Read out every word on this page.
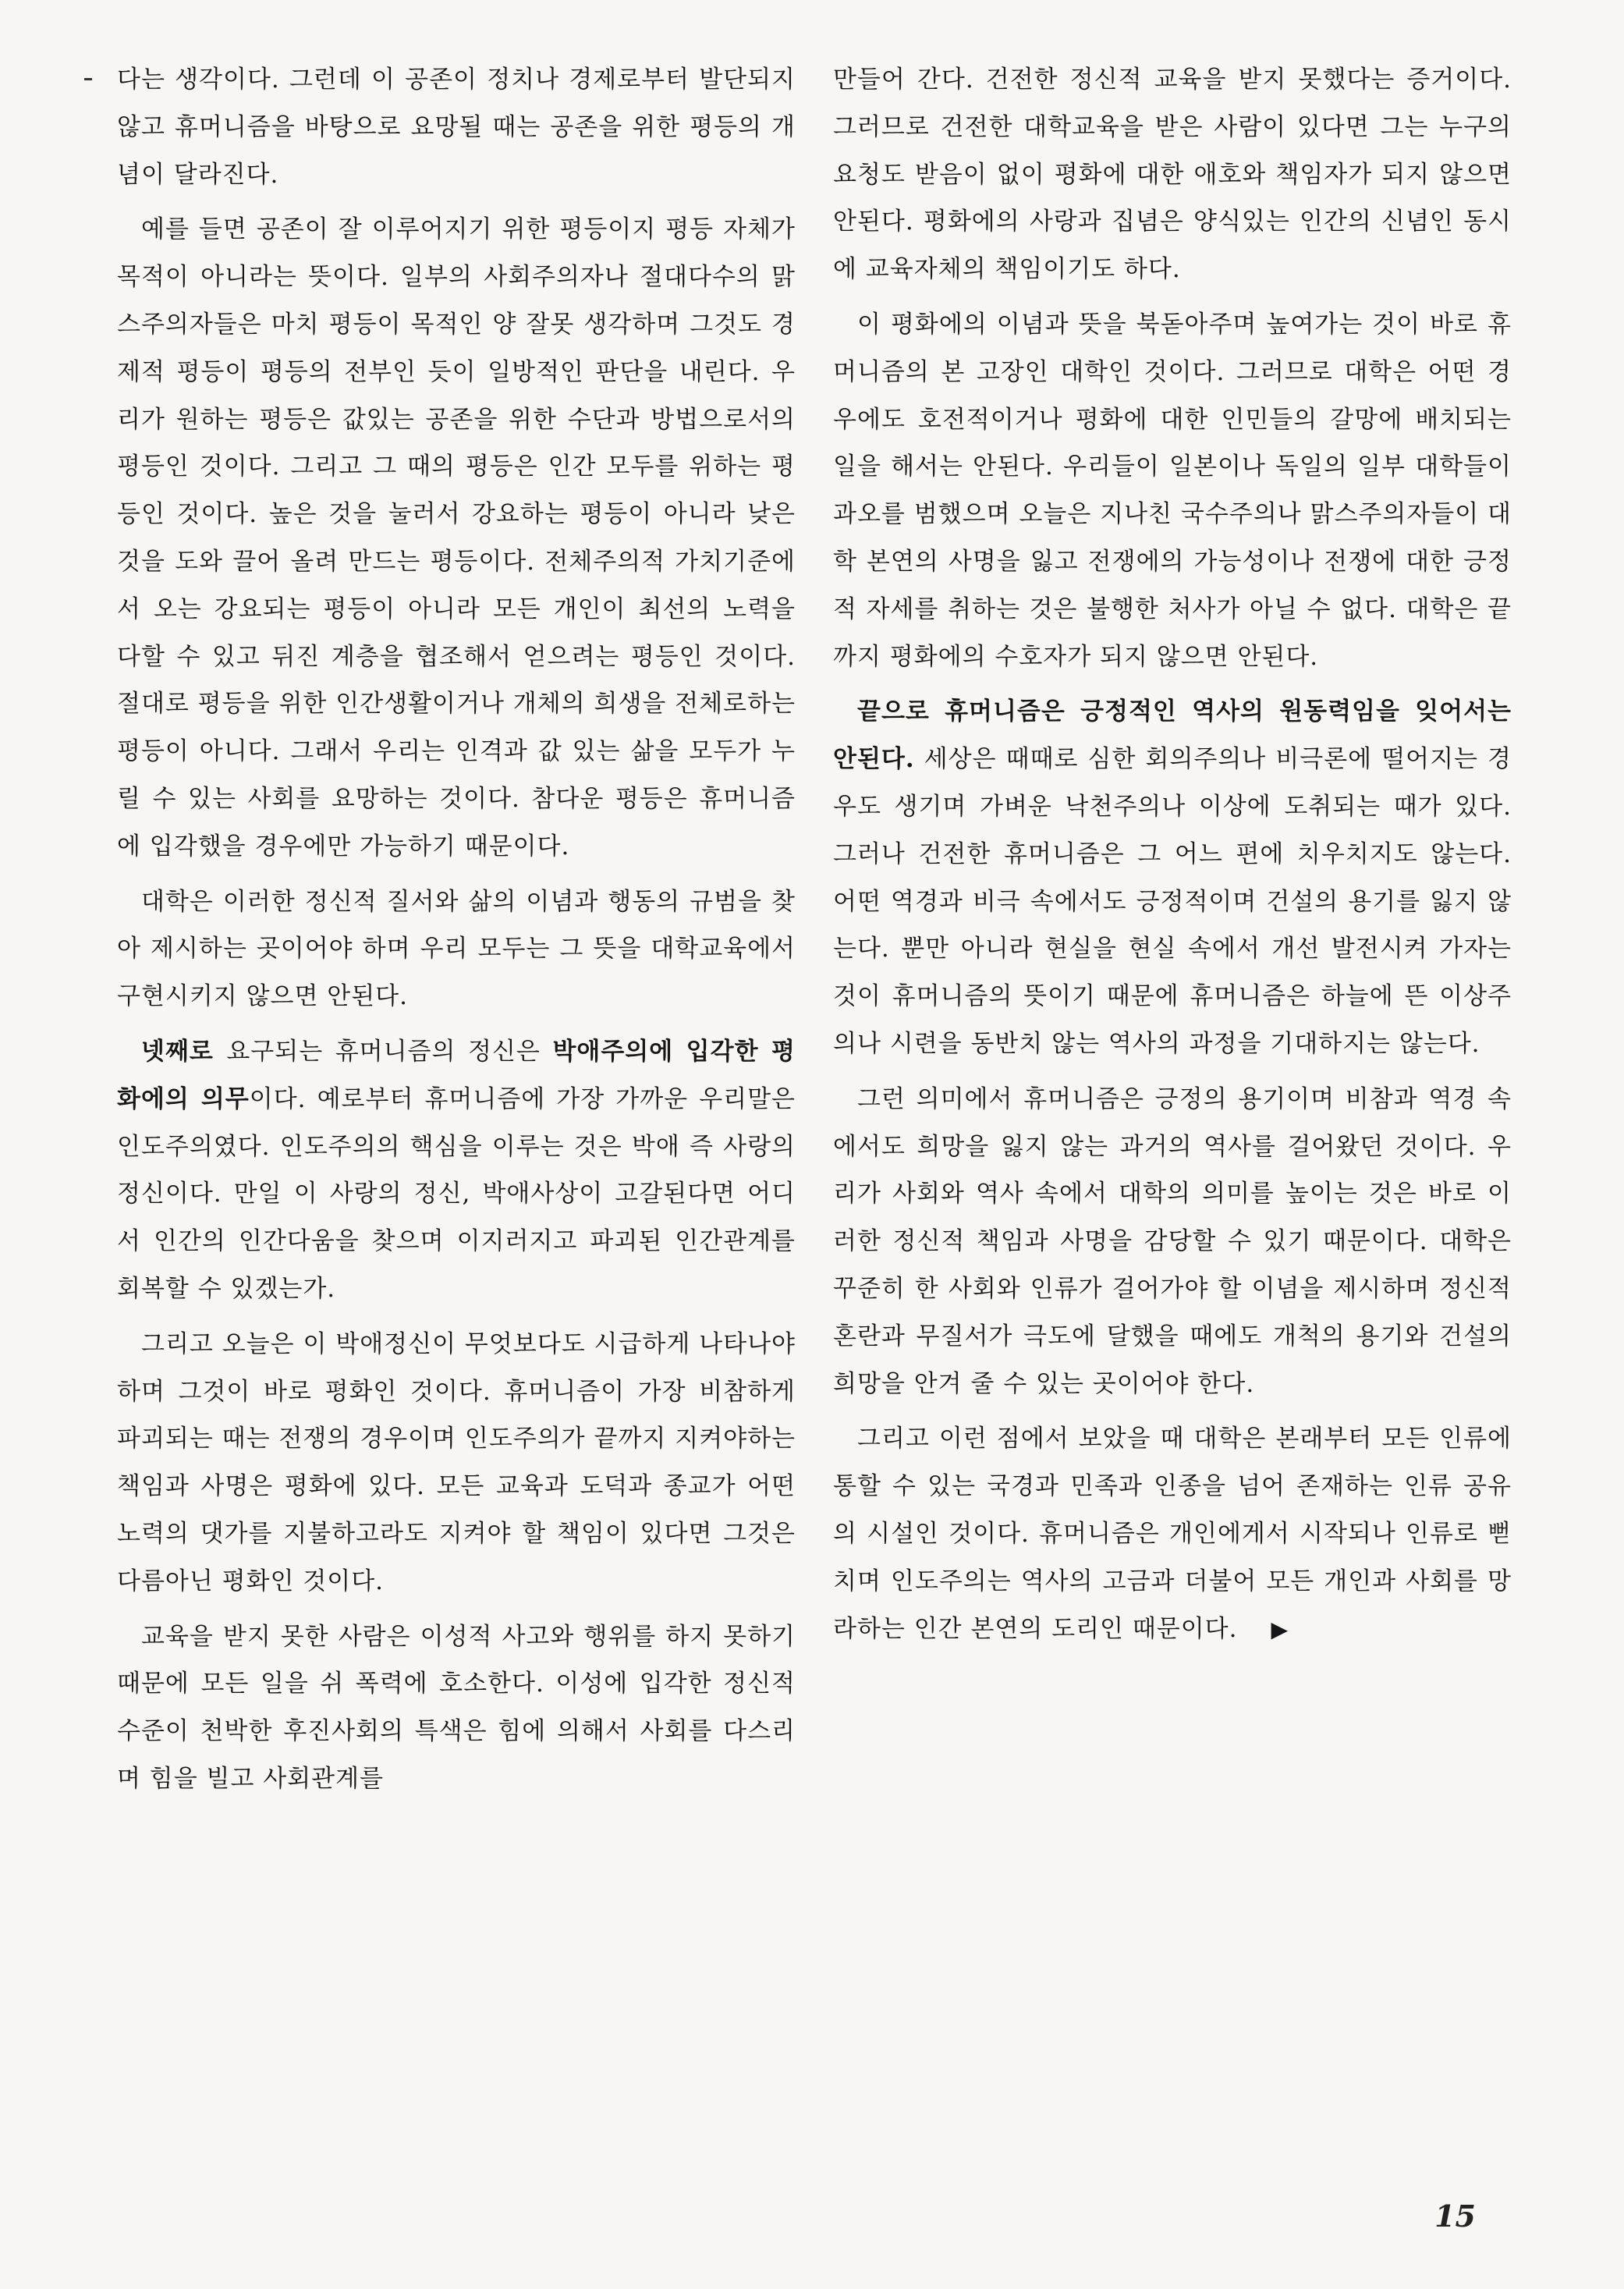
다는 생각이다. 그런데 이 공존이 정치나 경제로부터 발단되지 않고 휴머니즘을 바탕으로 요망될 때는 공존을 위한 평등의 개념이 달라진다.

예를 들면 공존이 잘 이루어지기 위한 평등이지 평등 자체가 목적이 아니라는 뜻이다. 일부의 사회주의자나 절대다수의 맑스주의자들은 마치 평등이 목적인 양 잘못 생각하며 그것도 경제적 평등이 평등의 전부인 듯이 일방적인 판단을 내린다. 우리가 원하는 평등은 값있는 공존을 위한 수단과 방법으로서의 평등인 것이다. 그리고 그 때의 평등은 인간 모두를 위하는 평등인 것이다. 높은 것을 눌러서 강요하는 평등이 아니라 낮은 것을 도와 끌어 올려 만드는 평등이다. 전체주의적 가치기준에서 오는 강요되는 평등이 아니라 모든 개인이 최선의 노력을 다할 수 있고 뒤진 계층을 협조해서 얻으려는 평등인 것이다. 절대로 평등을 위한 인간생활이거나 개체의 희생을 전체로하는 평등이 아니다. 그래서 우리는 인격과 값 있는 삶을 모두가 누릴 수 있는 사회를 요망하는 것이다. 참다운 평등은 휴머니즘에 입각했을 경우에만 가능하기 때문이다.

대학은 이러한 정신적 질서와 삶의 이념과 행동의 규범을 찾아 제시하는 곳이어야 하며 우리 모두는 그 뜻을 대학교육에서 구현시키지 않으면 안된다.

넷째로 요구되는 휴머니즘의 정신은 박애주의에 입각한 평화에의 의무이다. 예로부터 휴머니즘에 가장 가까운 우리말은 인도주의였다. 인도주의의 핵심을 이루는 것은 박애 즉 사랑의 정신이다. 만일 이 사랑의 정신, 박애사상이 고갈된다면 어디서 인간의 인간다움을 찾으며 이지러지고 파괴된 인간관계를 회복할 수 있겠는가.

그리고 오늘은 이 박애정신이 무엇보다도 시급하게 나타나야 하며 그것이 바로 평화인 것이다. 휴머니즘이 가장 비참하게 파괴되는 때는 전쟁의 경우이며 인도주의가 끝까지 지켜야하는 책임과 사명은 평화에 있다. 모든 교육과 도덕과 종교가 어떤 노력의 댓가를 지불하고라도 지켜야 할 책임이 있다면 그것은 다름아닌 평화인 것이다.

교육을 받지 못한 사람은 이성적 사고와 행위를 하지 못하기 때문에 모든 일을 쉬 폭력에 호소한다. 이성에 입각한 정신적 수준이 천박한 후진사회의 특색은 힘에 의해서 사회를 다스리며 힘을 빌고 사회관계를

만들어 간다. 건전한 정신적 교육을 받지 못했다는 증거이다. 그러므로 건전한 대학교육을 받은 사람이 있다면 그는 누구의 요청도 받음이 없이 평화에 대한 애호와 책임자가 되지 않으면 안된다. 평화에의 사랑과 집념은 양식있는 인간의 신념인 동시에 교육자체의 책임이기도 하다.

이 평화에의 이념과 뜻을 북돋아주며 높여가는 것이 바로 휴머니즘의 본 고장인 대학인 것이다. 그러므로 대학은 어떤 경우에도 호전적이거나 평화에 대한 인민들의 갈망에 배치되는 일을 해서는 안된다. 우리들이 일본이나 독일의 일부 대학들이 과오를 범했으며 오늘은 지나친 국수주의나 맑스주의자들이 대학 본연의 사명을 잃고 전쟁에의 가능성이나 전쟁에 대한 긍정적 자세를 취하는 것은 불행한 처사가 아닐 수 없다. 대학은 끝까지 평화에의 수호자가 되지 않으면 안된다.

끝으로 휴머니즘은 긍정적인 역사의 원동력임을 잊어서는 안된다. 세상은 때때로 심한 회의주의나 비극론에 떨어지는 경우도 생기며 가벼운 낙천주의나 이상에 도취되는 때가 있다. 그러나 건전한 휴머니즘은 그 어느 편에 치우치지도 않는다. 어떤 역경과 비극 속에서도 긍정적이며 건설의 용기를 잃지 않는다. 뿐만 아니라 현실을 현실 속에서 개선 발전시켜 가자는 것이 휴머니즘의 뜻이기 때문에 휴머니즘은 하늘에 뜬 이상주의나 시련을 동반치 않는 역사의 과정을 기대하지는 않는다.

그런 의미에서 휴머니즘은 긍정의 용기이며 비참과 역경 속에서도 희망을 잃지 않는 과거의 역사를 걸어왔던 것이다. 우리가 사회와 역사 속에서 대학의 의미를 높이는 것은 바로 이러한 정신적 책임과 사명을 감당할 수 있기 때문이다. 대학은 꾸준히 한 사회와 인류가 걸어가야 할 이념을 제시하며 정신적 혼란과 무질서가 극도에 달했을 때에도 개척의 용기와 건설의 희망을 안겨 줄 수 있는 곳이어야 한다.

그리고 이런 점에서 보았을 때 대학은 본래부터 모든 인류에 통할 수 있는 국경과 민족과 인종을 넘어 존재하는 인류 공유의 시설인 것이다. 휴머니즘은 개인에게서 시작되나 인류로 뻗치며 인도주의는 역사의 고금과 더불어 모든 개인과 사회를 망라하는 인간 본연의 도리인 때문이다. ▶

15
